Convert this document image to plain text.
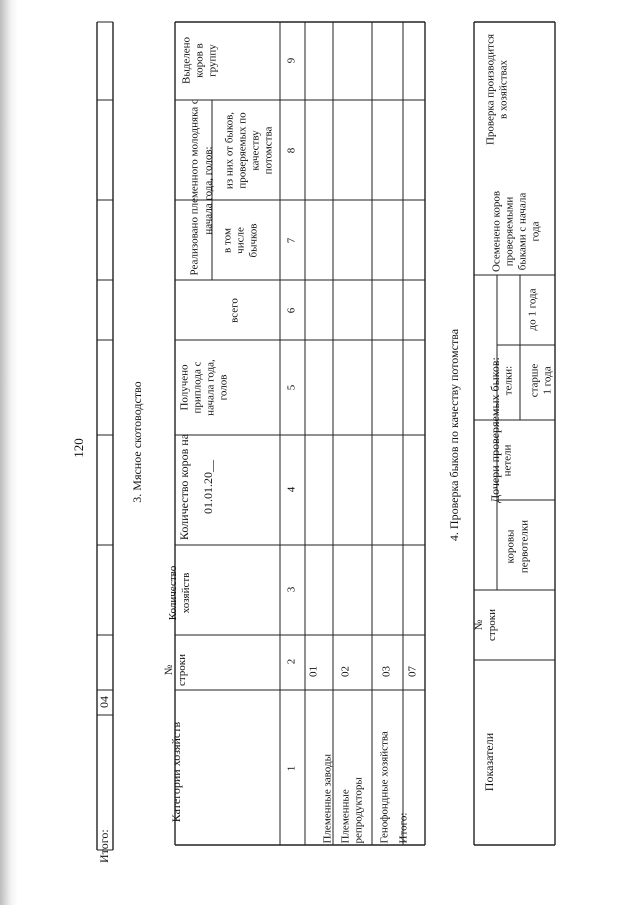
120
Итого:
04
3. Мясное скотоводство
Категории хозяйств
№ строки
Количество хозяйств
Количество коров на 01.01.20__
Получено приплода с начала года, голов
Реализовано племенного молодняка с начала года, голов:
всего
в том числе бычков
из них от быков, проверяемых по качеству потомства
Выделено коров в группу
1
2
3
4
5
6
7
8
9
Племенные заводы
01
Племенные репродукторы
02
Генофондные хозяйства
03
Итого:
07
4. Проверка быков по качеству потомства
Показатели
№ строки
Дочери проверяемых быков:
коровы первотелки
нетели
телки: старше 1 года
до 1 года
Осеменено коров проверяемыми быками с начала года
Проверка производится в хозяйствах
